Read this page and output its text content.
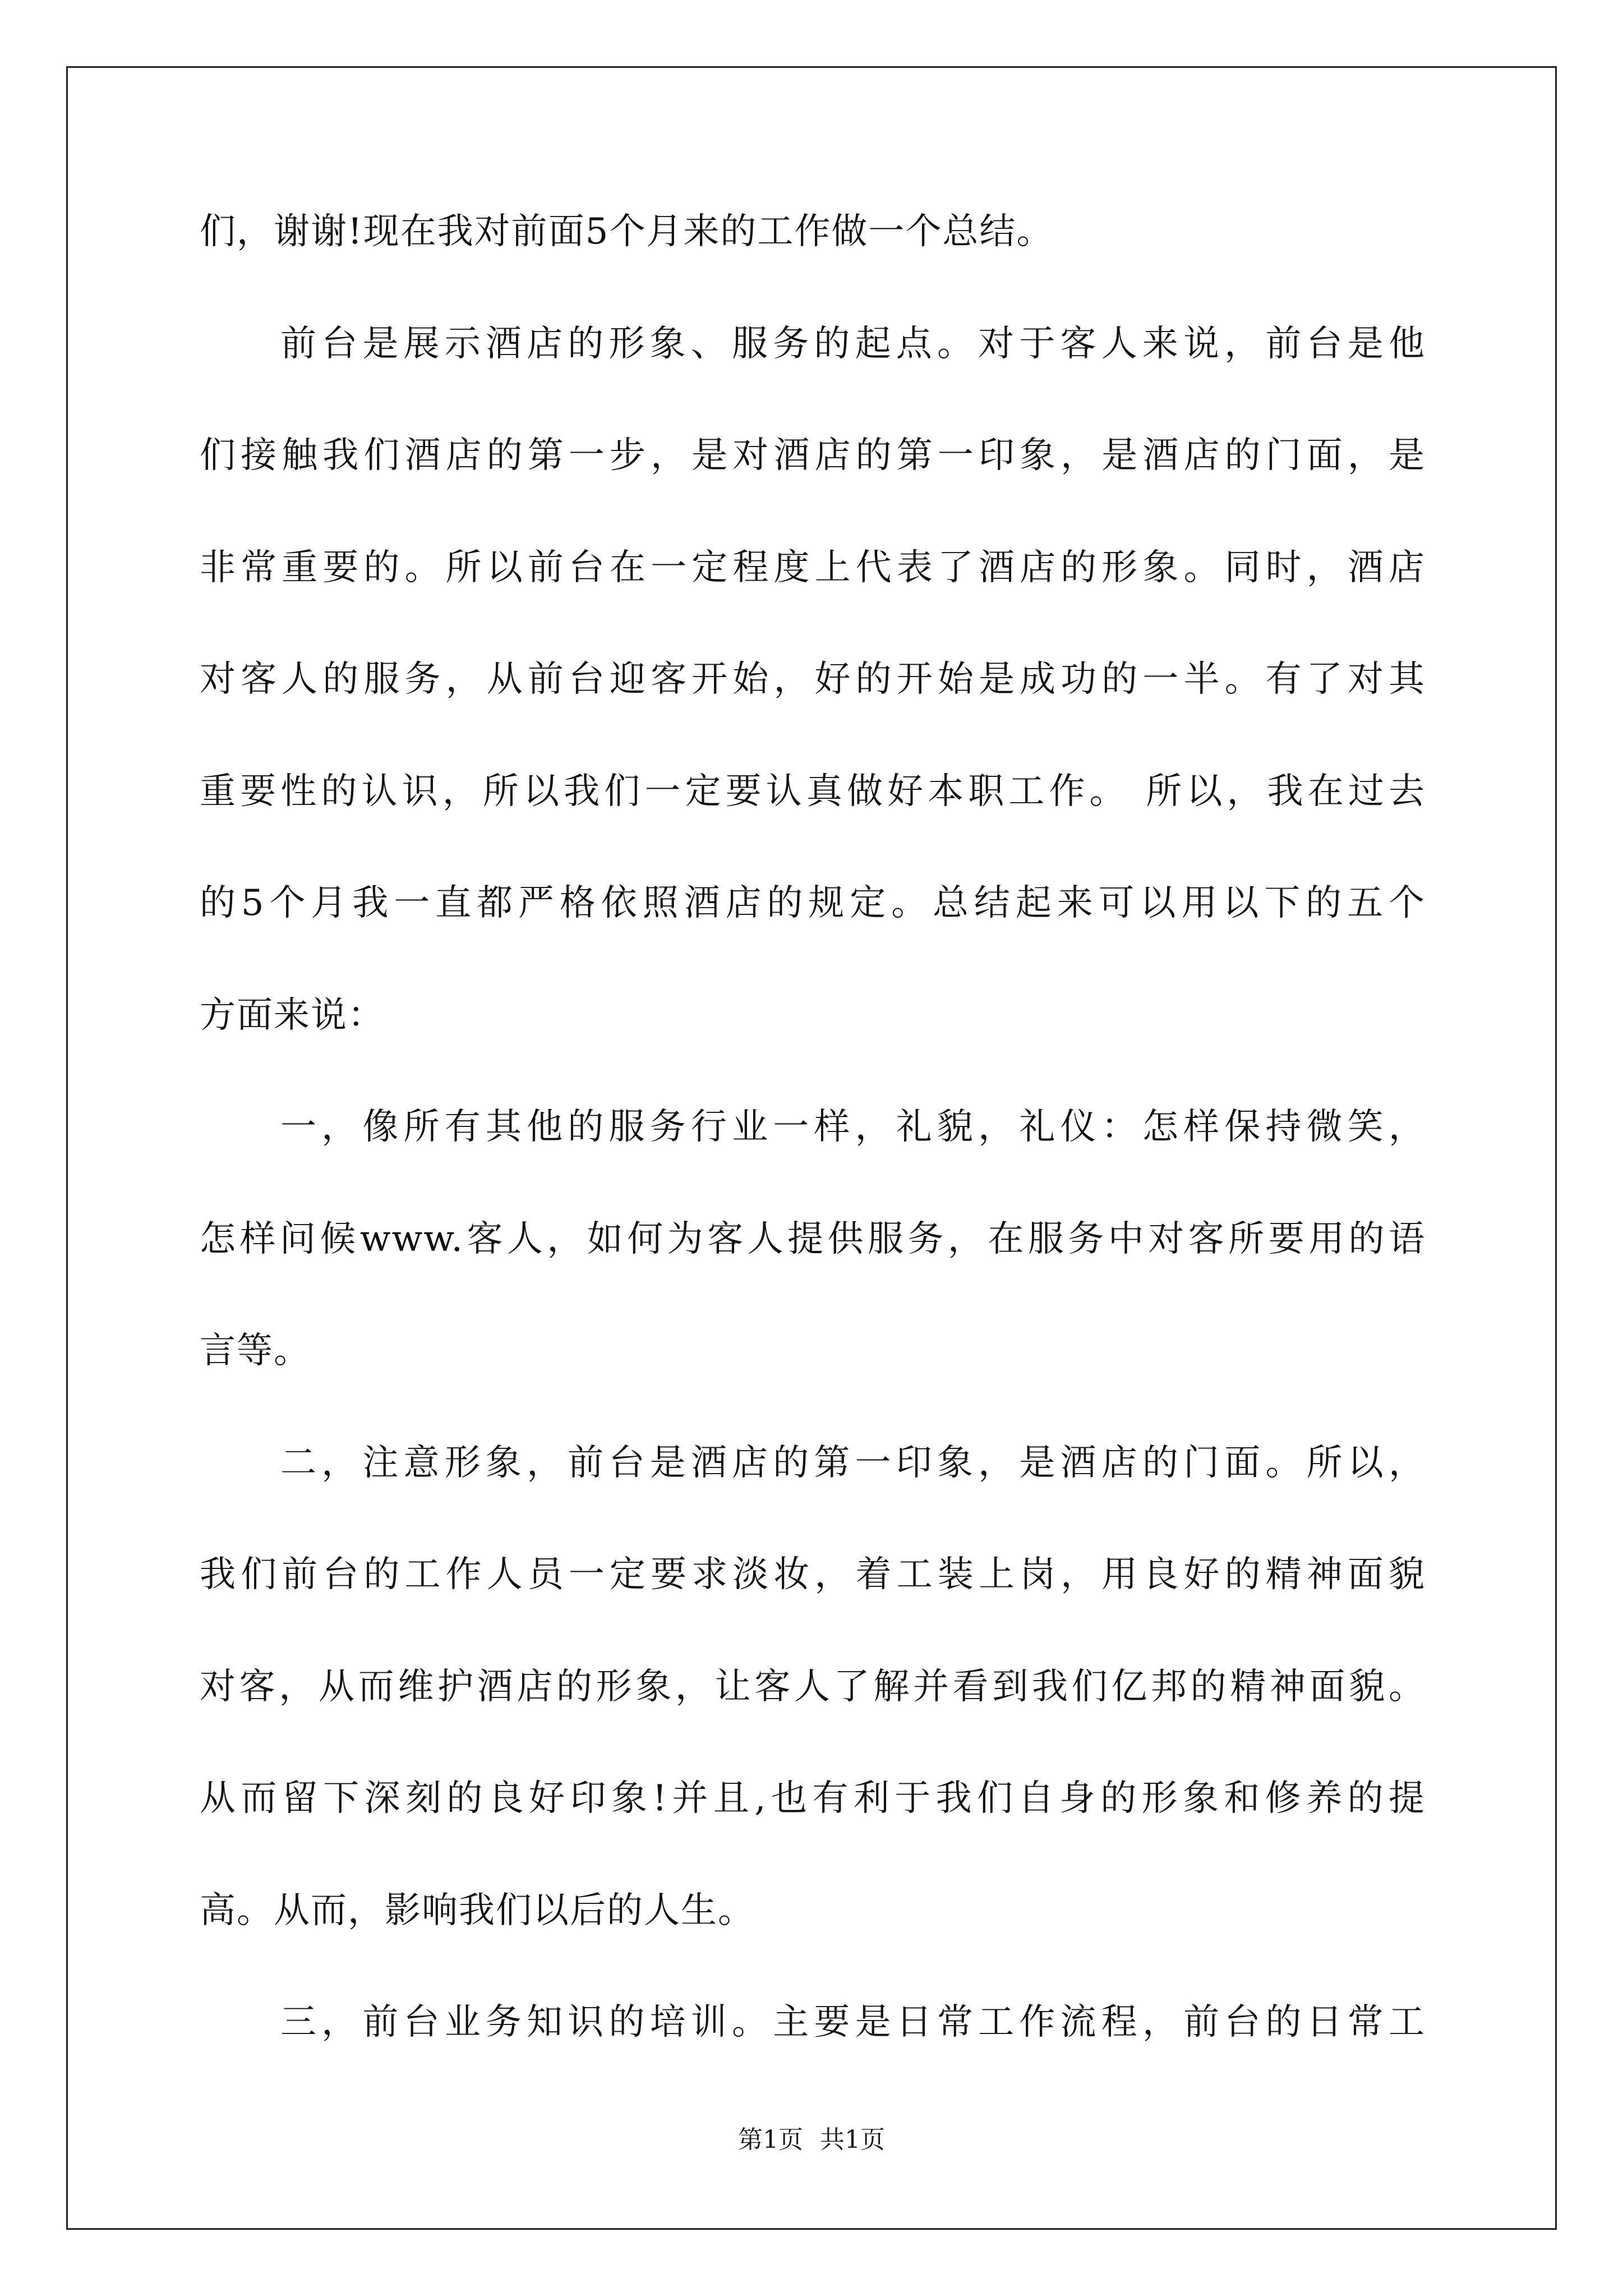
们，谢谢!现在我对前面5个月来的工作做一个总结。
前台是展示酒店的形象、服务的起点。对于客人来说，前台是他
们接触我们酒店的第一步，是对酒店的第一印象，是酒店的门面，是
非常重要的。所以前台在一定程度上代表了酒店的形象。同时，酒店
对客人的服务，从前台迎客开始，好的开始是成功的一半。有了对其
重要性的认识，所以我们一定要认真做好本职工作。 所以，我在过去
的5个月我一直都严格依照酒店的规定。总结起来可以用以下的五个
方面来说：
一，像所有其他的服务行业一样，礼貌，礼仪：怎样保持微笑，
怎样问候www.客人，如何为客人提供服务，在服务中对客所要用的语
言等。
二，注意形象，前台是酒店的第一印象，是酒店的门面。所以，
我们前台的工作人员一定要求淡妆，着工装上岗，用良好的精神面貌
对客，从而维护酒店的形象，让客人了解并看到我们亿邦的精神面貌。
从而留下深刻的良好印象!并且,也有利于我们自身的形象和修养的提
高。从而，影响我们以后的人生。
三，前台业务知识的培训。主要是日常工作流程，前台的日常工
第1页 共1页
